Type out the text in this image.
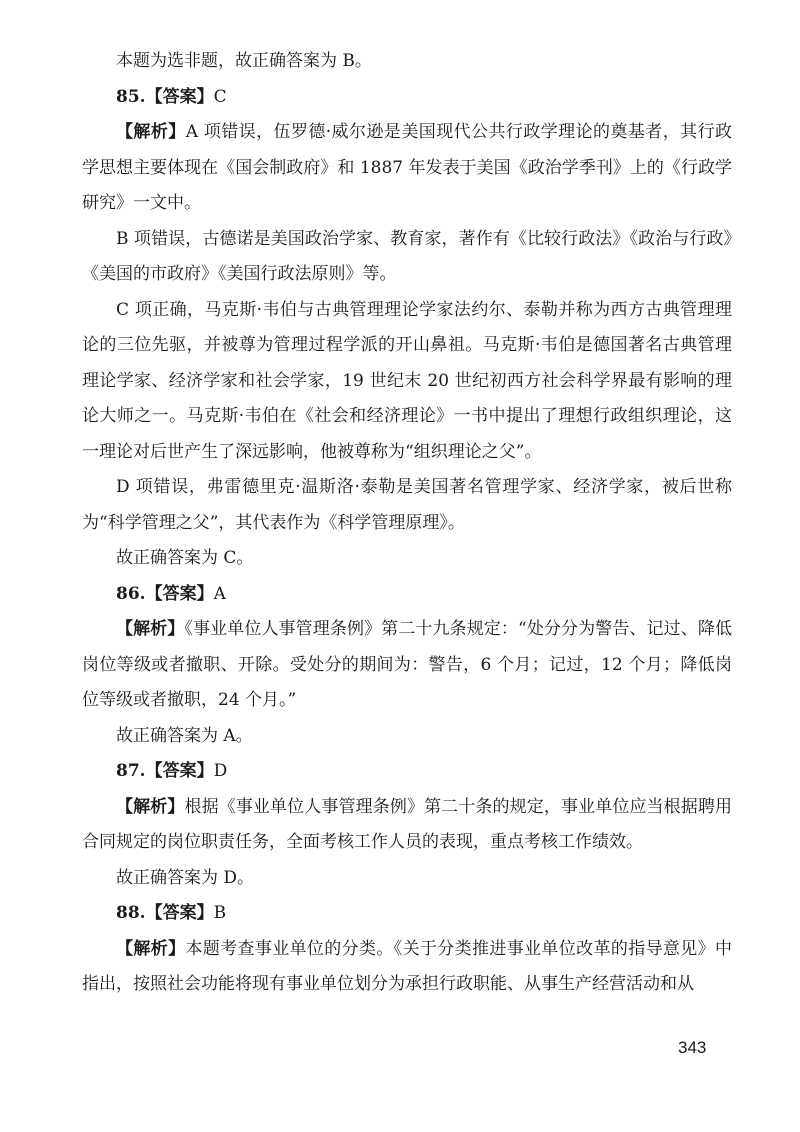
本题为选非题，故正确答案为 B。

85.【答案】C

【解析】A 项错误，伍罗德·威尔逊是美国现代公共行政学理论的奠基者，其行政学思想主要体现在《国会制政府》和 1887 年发表于美国《政治学季刊》上的《行政学研究》一文中。

B 项错误，古德诺是美国政治学家、教育家，著作有《比较行政法》《政治与行政》《美国的市政府》《美国行政法原则》等。

C 项正确，马克斯·韦伯与古典管理理论学家法约尔、泰勒并称为西方古典管理理论的三位先驱，并被尊为管理过程学派的开山鼻祖。马克斯·韦伯是德国著名古典管理理论学家、经济学家和社会学家，19 世纪末 20 世纪初西方社会科学界最有影响的理论大师之一。马克斯·韦伯在《社会和经济理论》一书中提出了理想行政组织理论，这一理论对后世产生了深远影响，他被尊称为“组织理论之父”。

D 项错误，弗雷德里克·温斯洛·泰勒是美国著名管理学家、经济学家，被后世称为“科学管理之父”，其代表作为《科学管理原理》。

故正确答案为 C。

86.【答案】A

【解析】《事业单位人事管理条例》第二十九条规定：“处分分为警告、记过、降低岗位等级或者撤职、开除。受处分的期间为：警告，6 个月；记过，12 个月；降低岗位等级或者撤职，24 个月。”

故正确答案为 A。

87.【答案】D

【解析】根据《事业单位人事管理条例》第二十条的规定，事业单位应当根据聘用合同规定的岗位职责任务，全面考核工作人员的表现，重点考核工作绩效。

故正确答案为 D。

88.【答案】B

【解析】本题考查事业单位的分类。《关于分类推进事业单位改革的指导意见》中指出，按照社会功能将现有事业单位划分为承担行政职能、从事生产经营活动和从

343
